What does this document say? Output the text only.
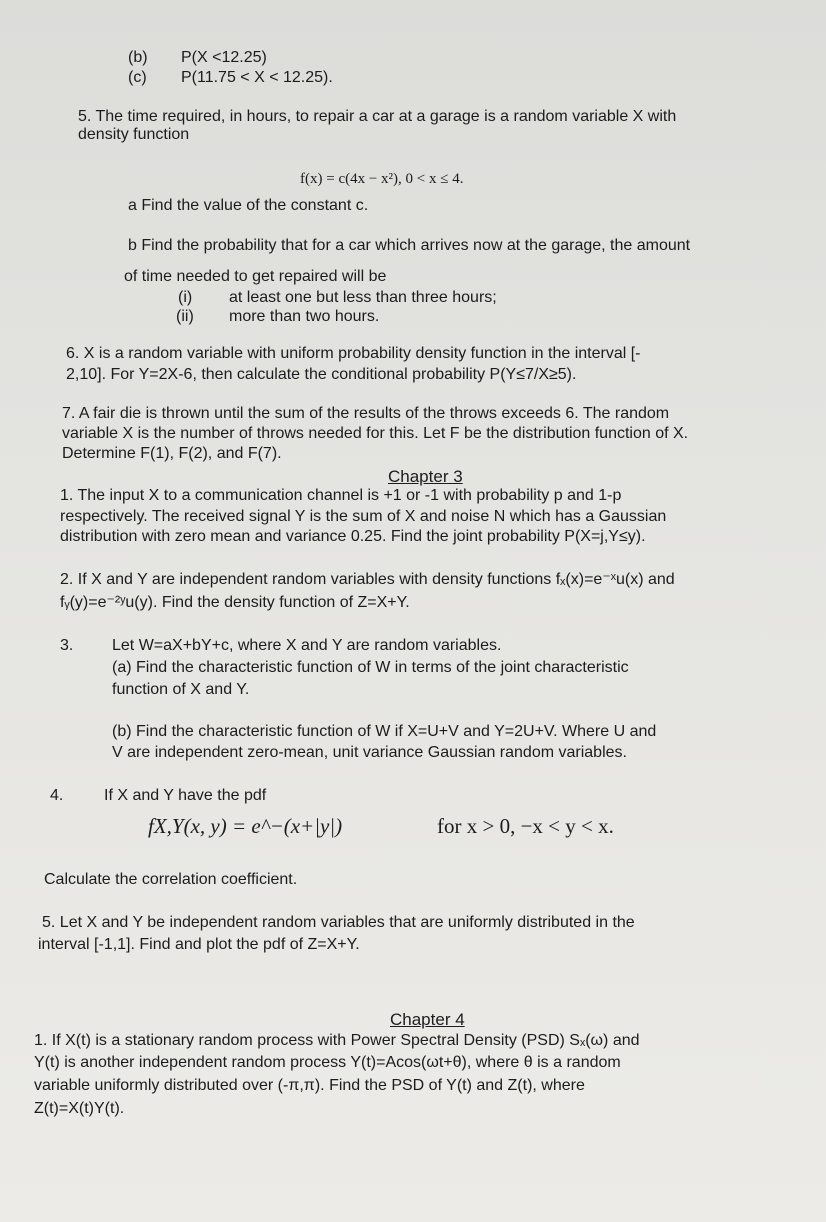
(b) P(X <12.25)
(c) P(11.75 < X < 12.25).
5. The time required, in hours, to repair a car at a garage is a random variable X with
density function
f(x) = c(4x − x²), 0 < x ≤ 4.
a Find the value of the constant c.
b Find the probability that for a car which arrives now at the garage, the amount
of time needed to get repaired will be
(i) at least one but less than three hours;
(ii) more than two hours.
6. X is a random variable with uniform probability density function in the interval [-
2,10]. For Y=2X-6, then calculate the conditional probability P(Y≤7/X≥5).
7. A fair die is thrown until the sum of the results of the throws exceeds 6. The random
variable X is the number of throws needed for this. Let F be the distribution function of X.
Determine F(1), F(2), and F(7).
Chapter 3
1. The input X to a communication channel is +1 or -1 with probability p and 1-p
respectively. The received signal Y is the sum of X and noise N which has a Gaussian
distribution with zero mean and variance 0.25. Find the joint probability P(X=j,Y≤y).
2. If X and Y are independent random variables with density functions fₓ(x)=e⁻ˣu(x) and
fᵧ(y)=e⁻²ʸu(y). Find the density function of Z=X+Y.
3. Let W=aX+bY+c, where X and Y are random variables.
(a) Find the characteristic function of W in terms of the joint characteristic
function of X and Y.
(b) Find the characteristic function of W if X=U+V and Y=2U+V. Where U and
V are independent zero-mean, unit variance Gaussian random variables.
4.	If X and Y have the pdf
fX,Y(x, y) = e^−(x+|y|)	for x > 0, −x < y < x.
Calculate the correlation coefficient.
5. Let X and Y be independent random variables that are uniformly distributed in the
interval [-1,1]. Find and plot the pdf of Z=X+Y.
Chapter 4
1. If X(t) is a stationary random process with Power Spectral Density (PSD) Sₓ(ω) and
Y(t) is another independent random process Y(t)=Acos(ωt+θ), where θ is a random
variable uniformly distributed over (-π,π). Find the PSD of Y(t) and Z(t), where
Z(t)=X(t)Y(t).
